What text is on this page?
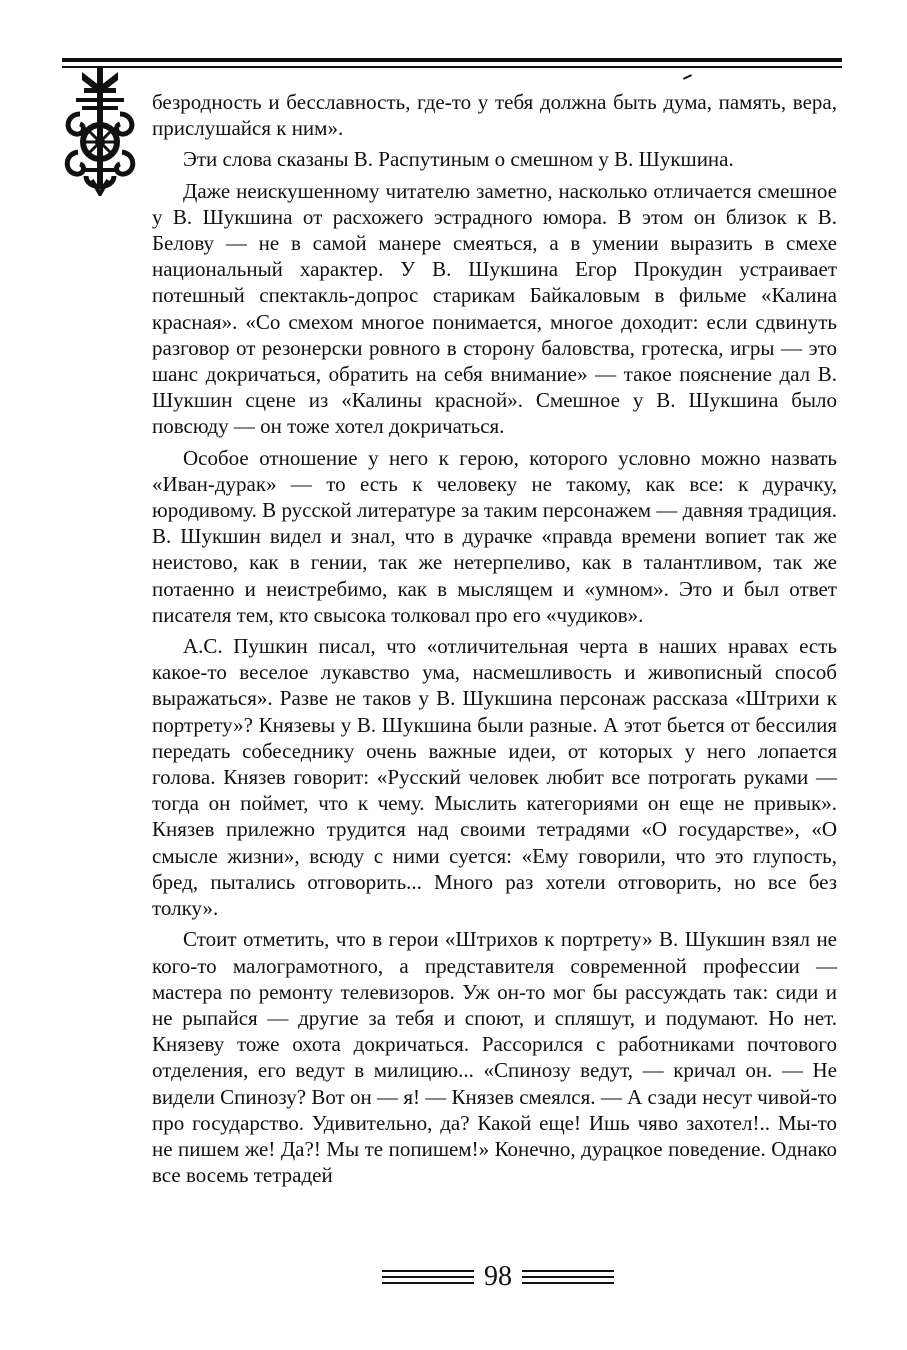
безродность и бесславность, где-то у тебя должна быть дума, память, вера, прислушайся к ним».

Эти слова сказаны В. Распутиным о смешном у В. Шукшина.

Даже неискушенному читателю заметно, насколько отличается смешное у В. Шукшина от расхожего эстрадного юмора. В этом он близок к В. Белову — не в самой манере смеяться, а в умении выразить в смехе национальный характер. У В. Шукшина Егор Прокудин устраивает потешный спектакль-допрос старикам Байкаловым в фильме «Калина красная». «Со смехом многое понимается, многое доходит: если сдвинуть разговор от резонерски ровного в сторону баловства, гротеска, игры — это шанс докричаться, обратить на себя внимание» — такое пояснение дал В. Шукшин сцене из «Калины красной». Смешное у В. Шукшина было повсюду — он тоже хотел докричаться.

Особое отношение у него к герою, которого условно можно назвать «Иван-дурак» — то есть к человеку не такому, как все: к дурачку, юродивому. В русской литературе за таким персонажем — давняя традиция. В. Шукшин видел и знал, что в дурачке «правда времени вопиет так же неистово, как в гении, так же нетерпеливо, как в талантливом, так же потаенно и неистребимо, как в мыслящем и «умном». Это и был ответ писателя тем, кто свысока толковал про его «чудиков».

А.С. Пушкин писал, что «отличительная черта в наших нравах есть какое-то веселое лукавство ума, насмешливость и живописный способ выражаться». Разве не таков у В. Шукшина персонаж рассказа «Штрихи к портрету»? Князевы у В. Шукшина были разные. А этот бьется от бессилия передать собеседнику очень важные идеи, от которых у него лопается голова. Князев говорит: «Русский человек любит все потрогать руками — тогда он поймет, что к чему. Мыслить категориями он еще не привык». Князев прилежно трудится над своими тетрадями «О государстве», «О смысле жизни», всюду с ними суется: «Ему говорили, что это глупость, бред, пытались отговорить... Много раз хотели отговорить, но все без толку».

Стоит отметить, что в герои «Штрихов к портрету» В. Шукшин взял не кого-то малограмотного, а представителя современной профессии — мастера по ремонту телевизоров. Уж он-то мог бы рассуждать так: сиди и не рыпайся — другие за тебя и споют, и спляшут, и подумают. Но нет. Князеву тоже охота докричаться. Рассорился с работниками почтового отделения, его ведут в милицию... «Спинозу ведут, — кричал он. — Не видели Спинозу? Вот он — я! — Князев смеялся. — А сзади несут чивой-то про государство. Удивительно, да? Какой еще! Ишь чяво захотел!.. Мы-то не пишем же! Да?! Мы те попишем!» Конечно, дурацкое поведение. Однако все восемь тетрадей

98
